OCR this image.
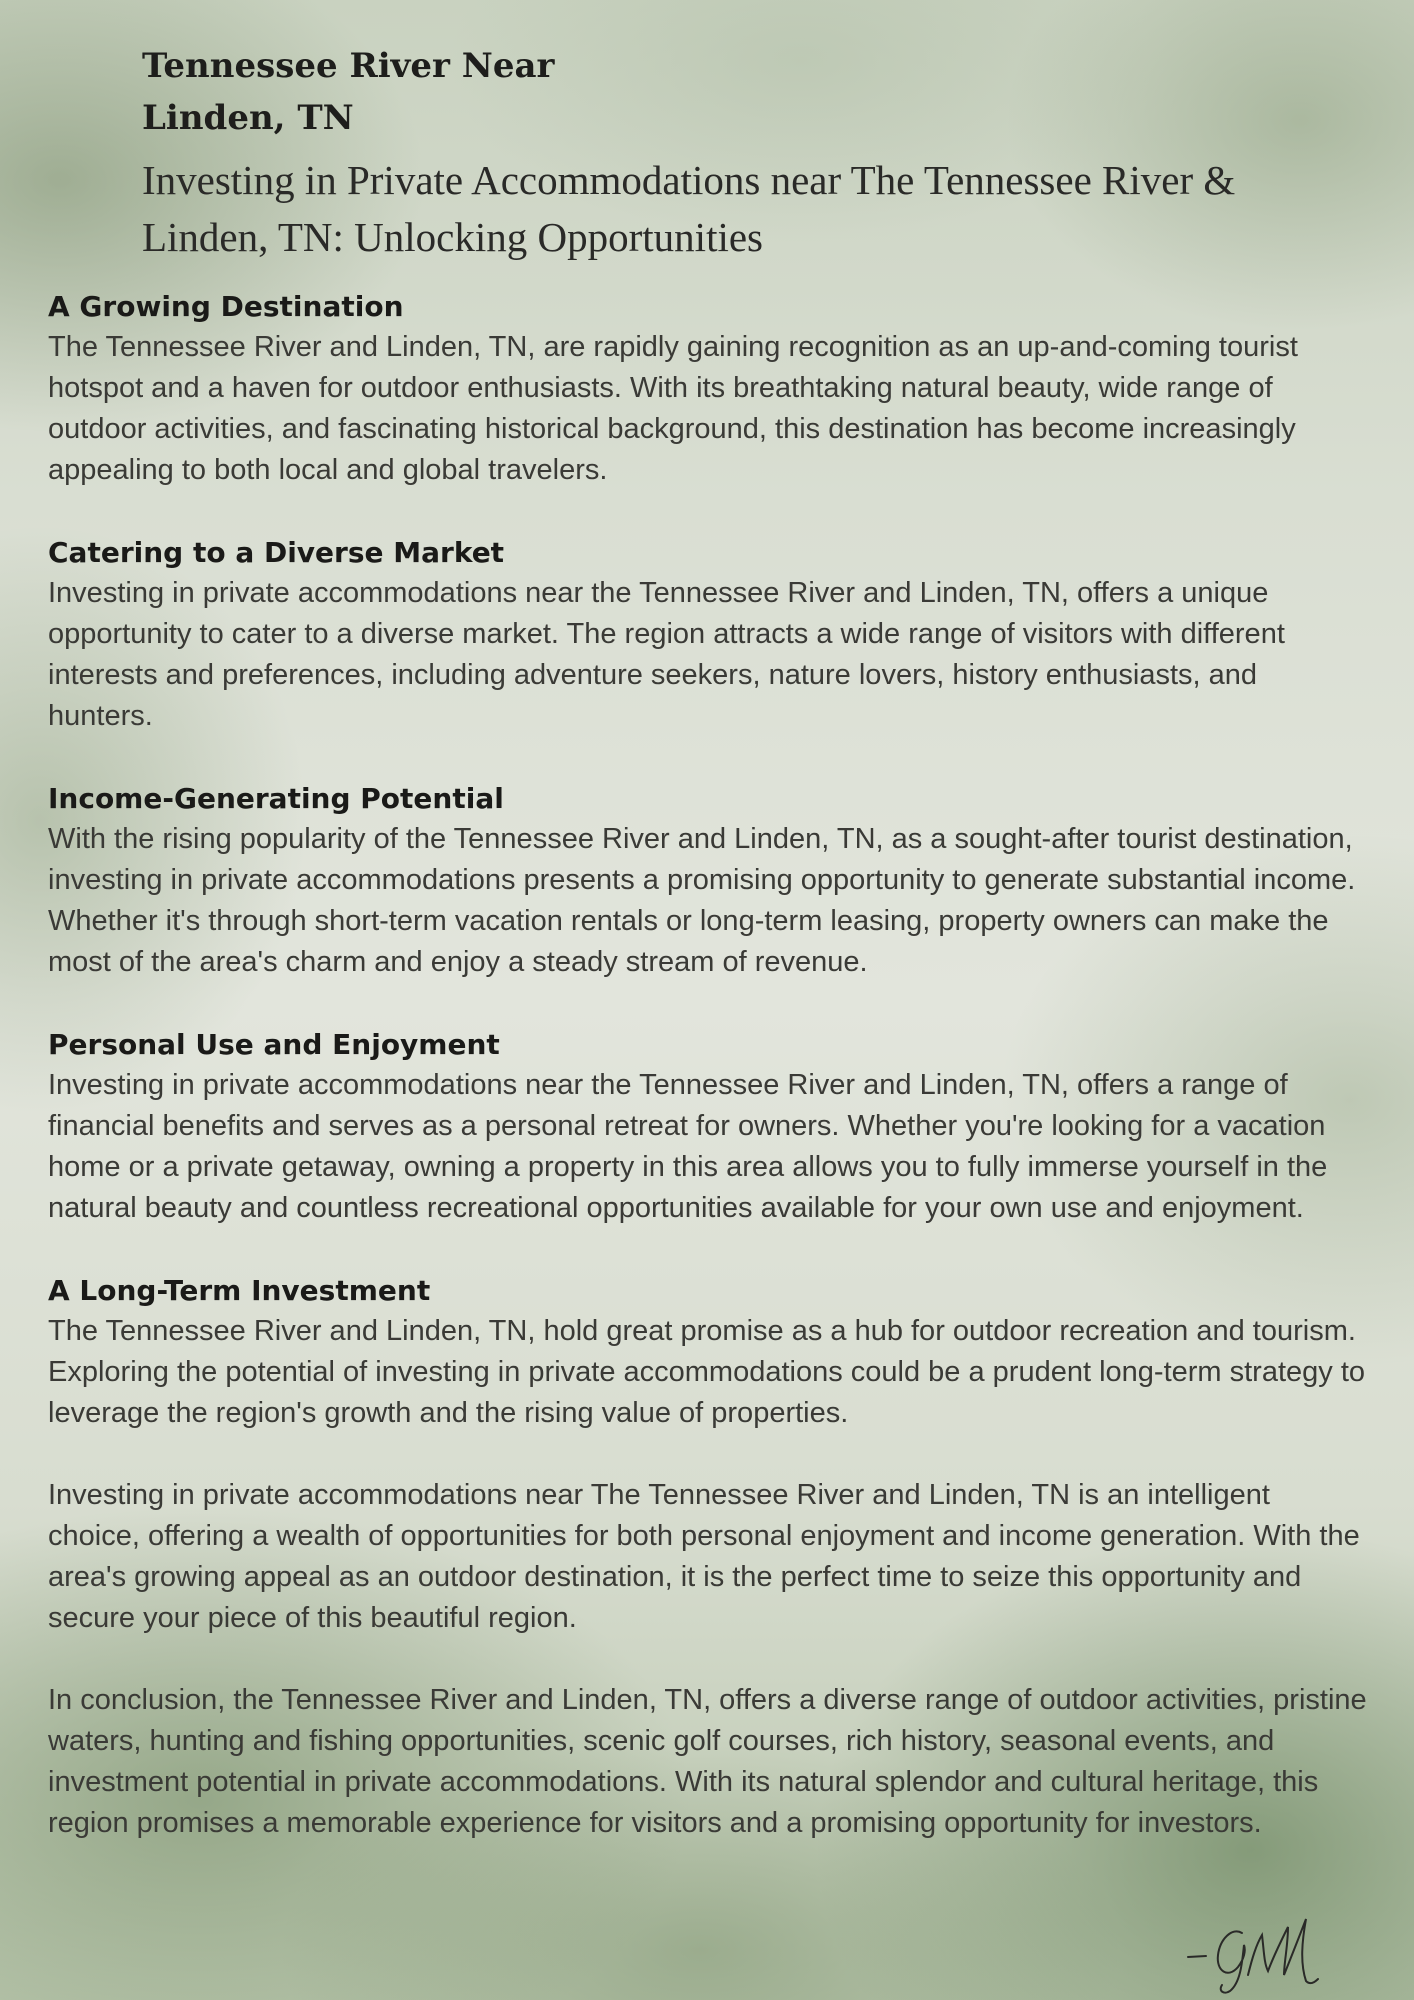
Tennessee River Near
Linden, TN
Investing in Private Accommodations near The Tennessee River & Linden, TN: Unlocking Opportunities
A Growing Destination

The Tennessee River and Linden, TN, are rapidly gaining recognition as an up-and-coming tourist hotspot and a haven for outdoor enthusiasts. With its breathtaking natural beauty, wide range of outdoor activities, and fascinating historical background, this destination has become increasingly appealing to both local and global travelers.

Catering to a Diverse Market

Investing in private accommodations near the Tennessee River and Linden, TN, offers a unique opportunity to cater to a diverse market. The region attracts a wide range of visitors with different interests and preferences, including adventure seekers, nature lovers, history enthusiasts, and hunters.

Income-Generating Potential

With the rising popularity of the Tennessee River and Linden, TN, as a sought-after tourist destination, investing in private accommodations presents a promising opportunity to generate substantial income. Whether it's through short-term vacation rentals or long-term leasing, property owners can make the most of the area's charm and enjoy a steady stream of revenue.

Personal Use and Enjoyment

Investing in private accommodations near the Tennessee River and Linden, TN, offers a range of financial benefits and serves as a personal retreat for owners. Whether you're looking for a vacation home or a private getaway, owning a property in this area allows you to fully immerse yourself in the natural beauty and countless recreational opportunities available for your own use and enjoyment.

A Long-Term Investment

The Tennessee River and Linden, TN, hold great promise as a hub for outdoor recreation and tourism. Exploring the potential of investing in private accommodations could be a prudent long-term strategy to leverage the region's growth and the rising value of properties.

Investing in private accommodations near The Tennessee River and Linden, TN is an intelligent choice, offering a wealth of opportunities for both personal enjoyment and income generation. With the area's growing appeal as an outdoor destination, it is the perfect time to seize this opportunity and secure your piece of this beautiful region.

In conclusion, the Tennessee River and Linden, TN, offers a diverse range of outdoor activities, pristine waters, hunting and fishing opportunities, scenic golf courses, rich history, seasonal events, and investment potential in private accommodations. With its natural splendor and cultural heritage, this region promises a memorable experience for visitors and a promising opportunity for investors.
